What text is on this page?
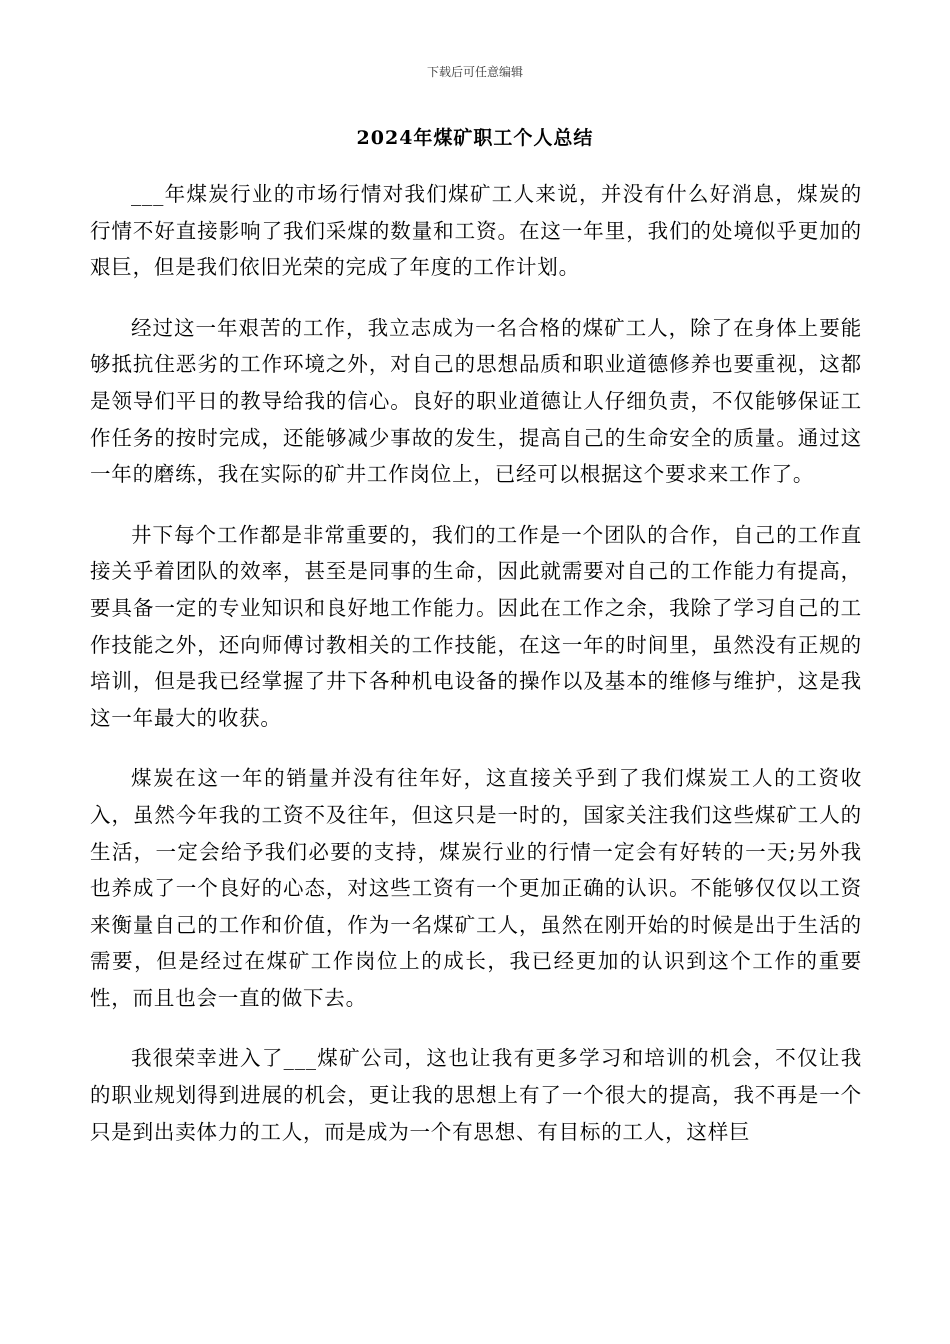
下载后可任意编辑
2024年煤矿职工个人总结

___年煤炭行业的市场行情对我们煤矿工人来说，并没有什么好消息，煤炭的行情不好直接影响了我们采煤的数量和工资。在这一年里，我们的处境似乎更加的艰巨，但是我们依旧光荣的完成了年度的工作计划。

经过这一年艰苦的工作，我立志成为一名合格的煤矿工人，除了在身体上要能够抵抗住恶劣的工作环境之外，对自己的思想品质和职业道德修养也要重视，这都是领导们平日的教导给我的信心。良好的职业道德让人仔细负责，不仅能够保证工作任务的按时完成，还能够减少事故的发生，提高自己的生命安全的质量。通过这一年的磨练，我在实际的矿井工作岗位上，已经可以根据这个要求来工作了。

井下每个工作都是非常重要的，我们的工作是一个团队的合作，自己的工作直接关乎着团队的效率，甚至是同事的生命，因此就需要对自己的工作能力有提高，要具备一定的专业知识和良好地工作能力。因此在工作之余，我除了学习自己的工作技能之外，还向师傅讨教相关的工作技能，在这一年的时间里，虽然没有正规的培训，但是我已经掌握了井下各种机电设备的操作以及基本的维修与维护，这是我这一年最大的收获。

煤炭在这一年的销量并没有往年好，这直接关乎到了我们煤炭工人的工资收入，虽然今年我的工资不及往年，但这只是一时的，国家关注我们这些煤矿工人的生活，一定会给予我们必要的支持，煤炭行业的行情一定会有好转的一天;另外我也养成了一个良好的心态，对这些工资有一个更加正确的认识。不能够仅仅以工资来衡量自己的工作和价值，作为一名煤矿工人，虽然在刚开始的时候是出于生活的需要，但是经过在煤矿工作岗位上的成长，我已经更加的认识到这个工作的重要性，而且也会一直的做下去。

我很荣幸进入了___煤矿公司，这也让我有更多学习和培训的机会，不仅让我的职业规划得到进展的机会，更让我的思想上有了一个很大的提高，我不再是一个只是到出卖体力的工人，而是成为一个有思想、有目标的工人，这样巨
